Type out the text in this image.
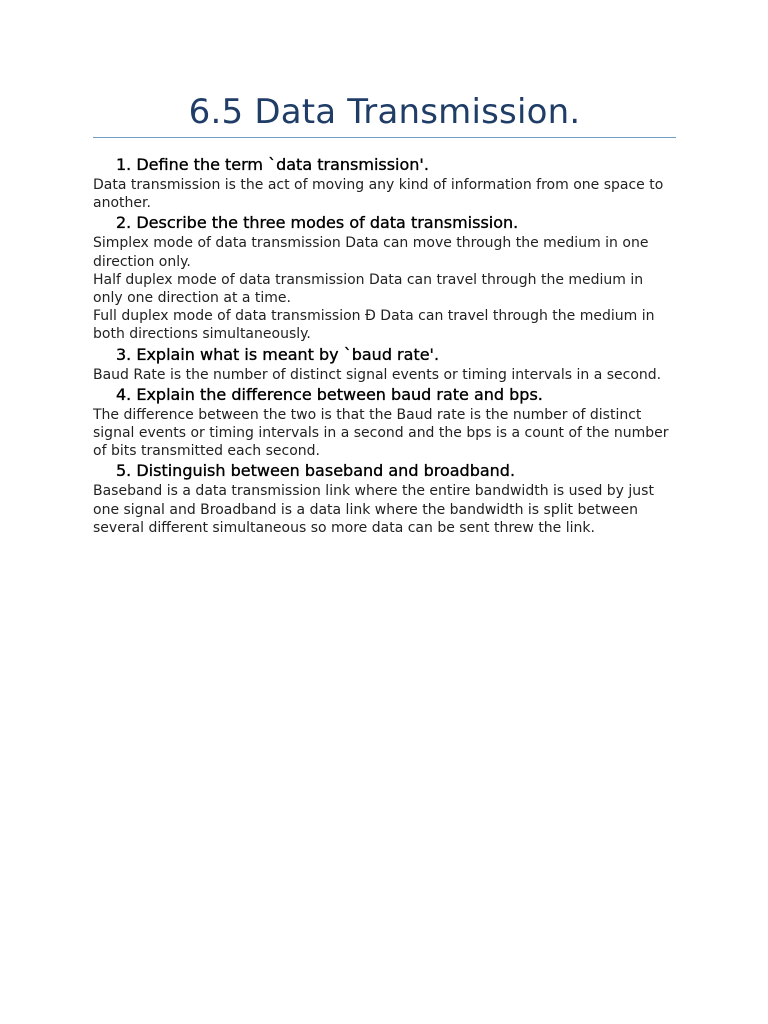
6.5 Data Transmission.
1. Define the term `data transmission'.

Data transmission is the act of moving any kind of information from one space to another.

2. Describe the three modes of data transmission.

Simplex mode of data transmission Data can move through the medium in one direction only.

Half duplex mode of data transmission Data can travel through the medium in only one direction at a time.

Full duplex mode of data transmission Ð Data can travel through the medium in both directions simultaneously.

3. Explain what is meant by `baud rate'.

Baud Rate is the number of distinct signal events or timing intervals in a second.

4. Explain the difference between baud rate and bps.

The difference between the two is that the Baud rate is the number of distinct signal events or timing intervals in a second and the bps is a count of the number of bits transmitted each second.

5. Distinguish between baseband and broadband.

Baseband is a data transmission link where the entire bandwidth is used by just one signal and Broadband is a data link where the bandwidth is split between several different simultaneous so more data can be sent threw the link.
